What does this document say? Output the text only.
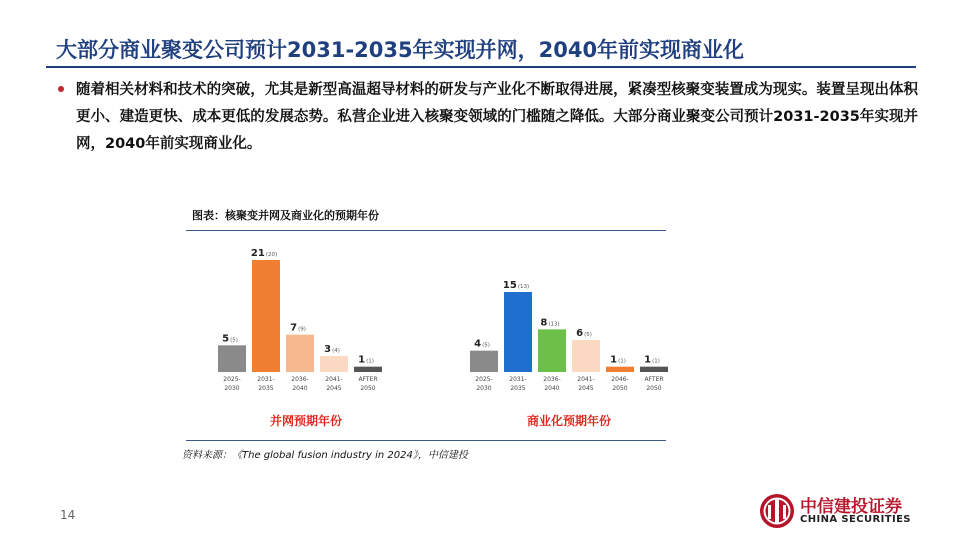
大部分商业聚变公司预计2031-2035年实现并网，2040年前实现商业化
随着相关材料和技术的突破，尤其是新型高温超导材料的研发与产业化不断取得进展，紧凑型核聚变装置成为现实。装置呈现出体积更小、建造更快、成本更低的发展态势。私营企业进入核聚变领域的门槛随之降低。大部分商业聚变公司预计2031-2035年实现并网，2040年前实现商业化。
图表：核聚变并网及商业化的预期年份
5(5)
2025-
2030
21(20)
2031-
2035
7(9)
2036-
2040
3(4)
2041-
2045
1(1)
AFTER
2050
并网预期年份
4(5)
2025-
2030
15(13)
2031-
2035
8(13)
2036-
2040
6(5)
2041-
2045
1(1)
2046-
2050
1(1)
AFTER
2050
商业化预期年份
资料来源：《The global fusion industry in 2024》，中信建投
14	中信建投证券
CHINA SECURITIES
